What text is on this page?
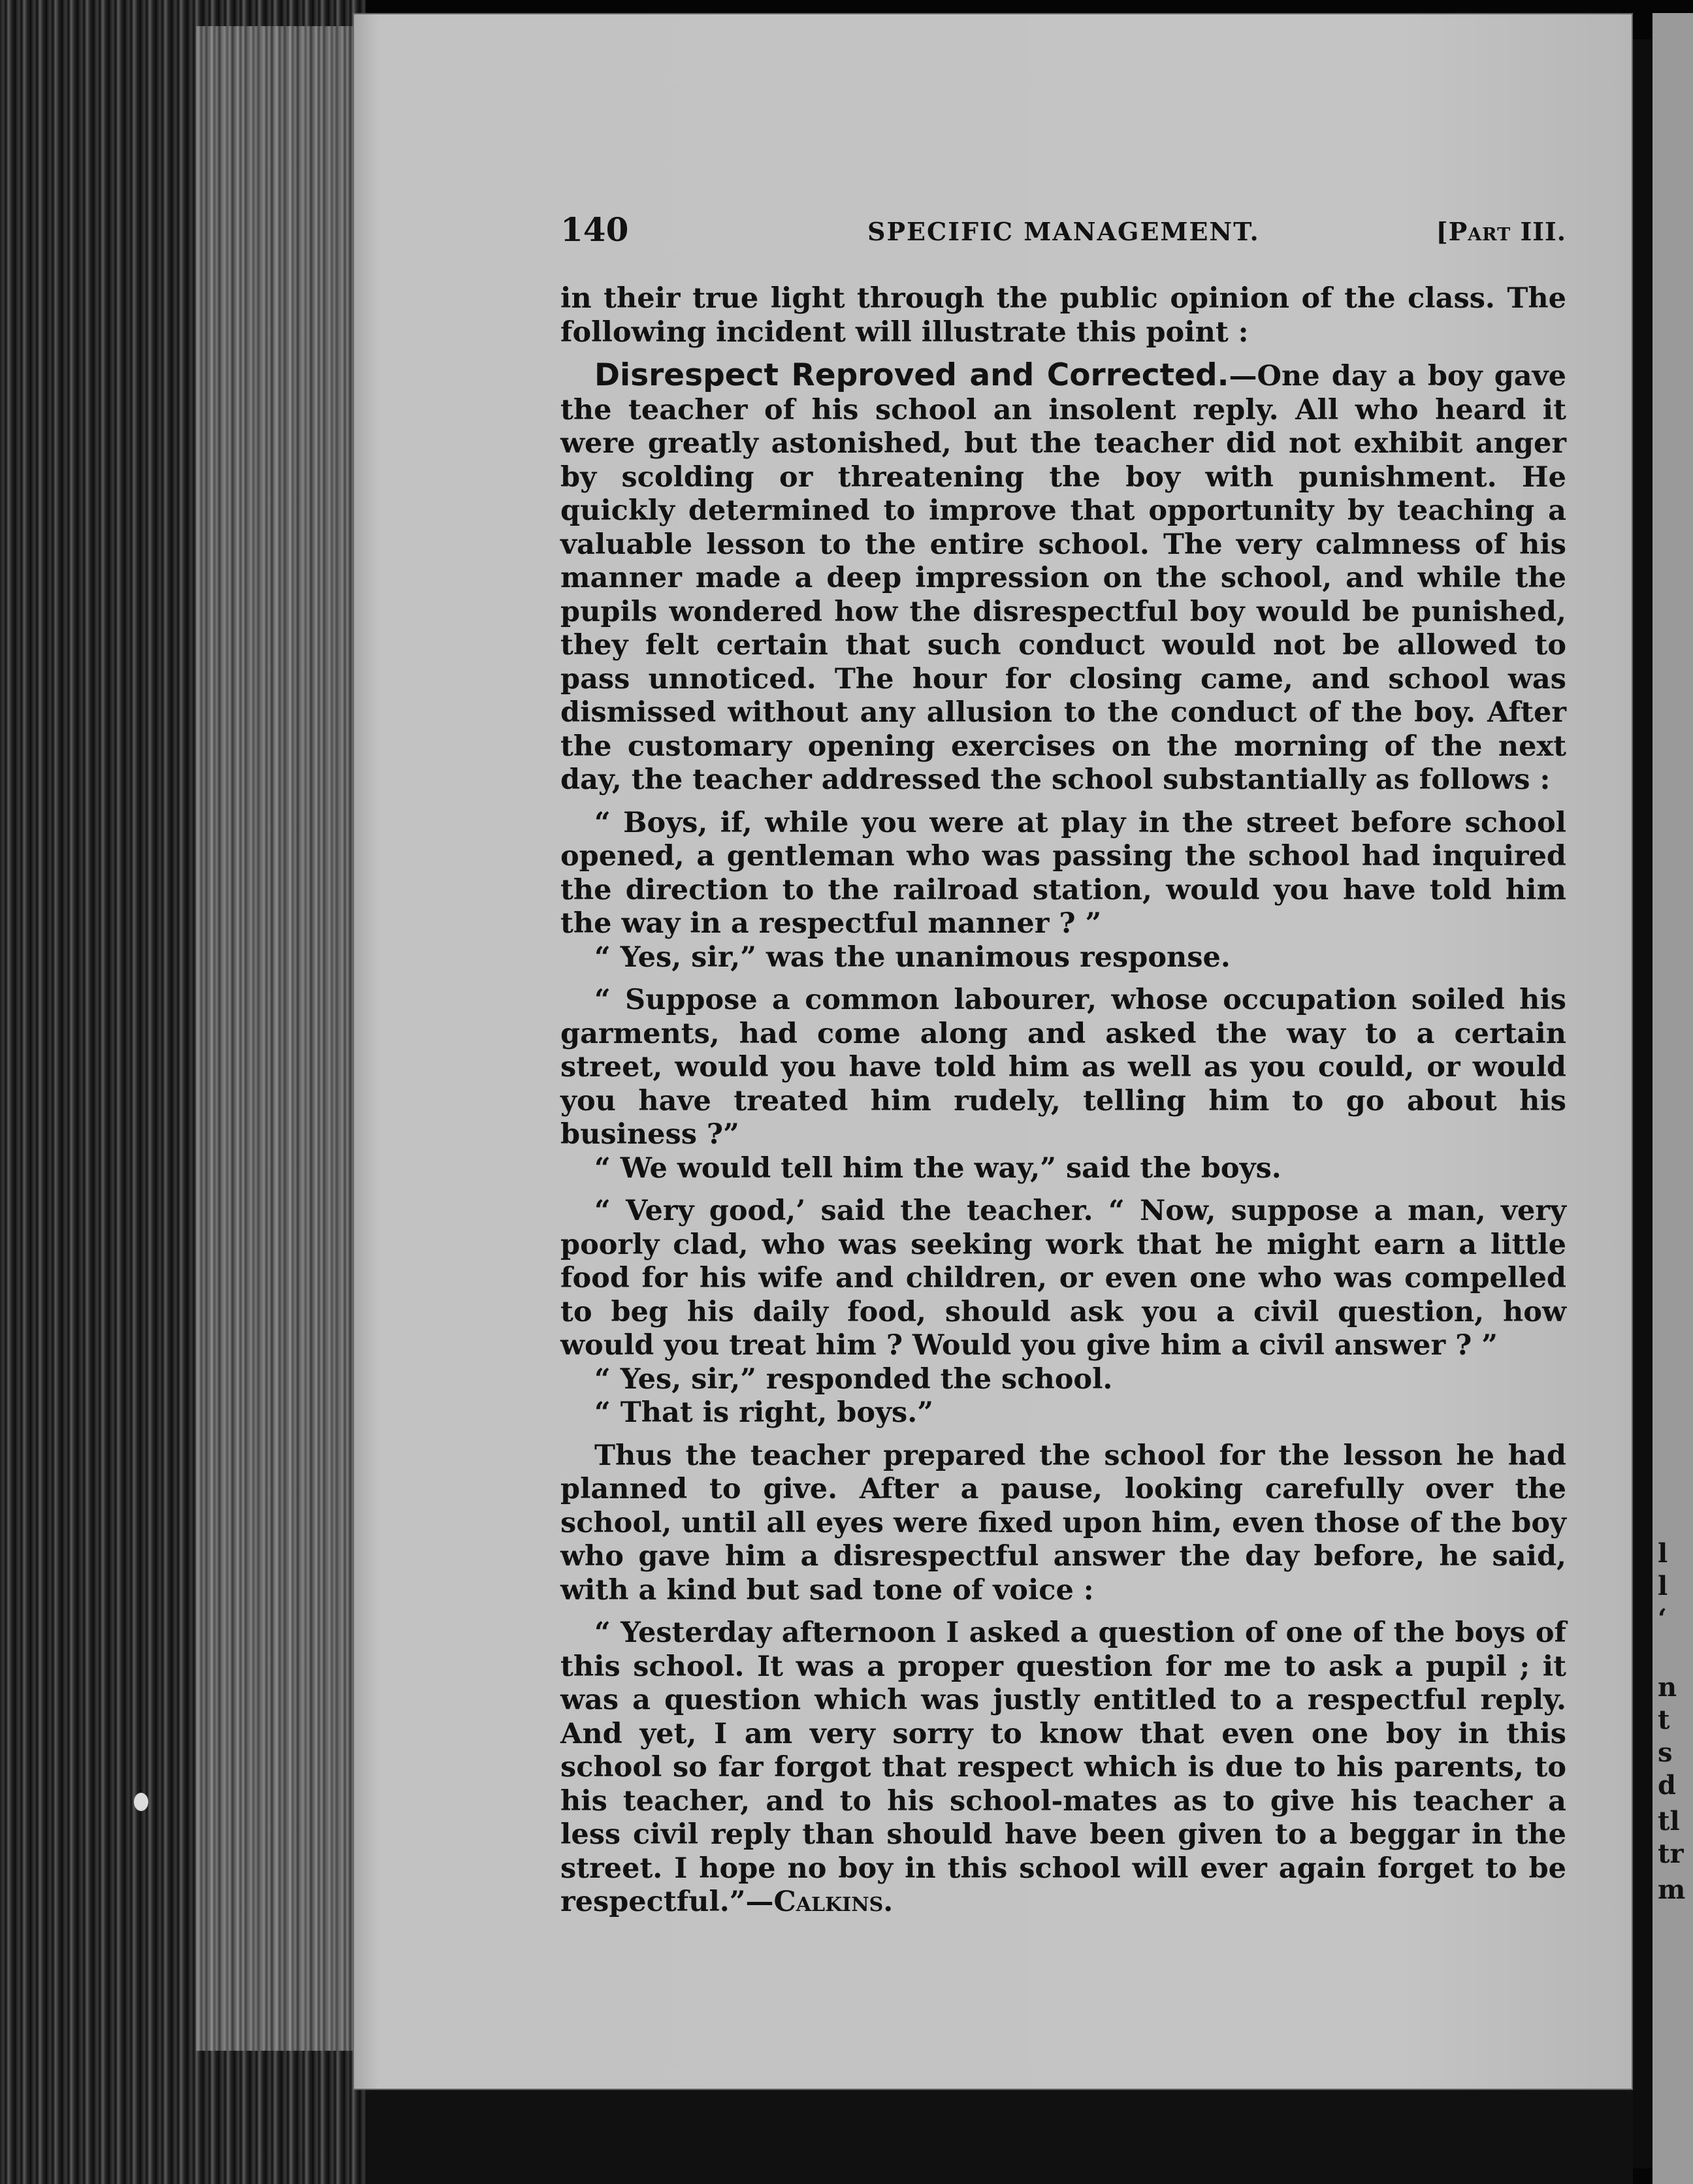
l
l
‘
n
t
s
d
tl
tr
m
140	SPECIFIC MANAGEMENT.	[Part III.

in their true light through the public opinion of the class. The following incident will illustrate this point :

Disrespect Reproved and Corrected.—One day a boy gave the teacher of his school an insolent reply. All who heard it were greatly astonished, but the teacher did not exhibit anger by scolding or threatening the boy with punishment. He quickly determined to improve that opportunity by teaching a valuable lesson to the entire school. The very calmness of his manner made a deep impression on the school, and while the pupils wondered how the disrespectful boy would be punished, they felt certain that such conduct would not be allowed to pass unnoticed. The hour for closing came, and school was dismissed without any allusion to the conduct of the boy. After the customary opening exercises on the morning of the next day, the teacher addressed the school substantially as follows :

“ Boys, if, while you were at play in the street before school opened, a gentleman who was passing the school had inquired the direction to the railroad station, would you have told him the way in a respectful manner ? ”

“ Yes, sir,” was the unanimous response.

“ Suppose a common labourer, whose occupation soiled his garments, had come along and asked the way to a certain street, would you have told him as well as you could, or would you have treated him rudely, telling him to go about his business ?”

“ We would tell him the way,” said the boys.

“ Very good,’ said the teacher. “ Now, suppose a man, very poorly clad, who was seeking work that he might earn a little food for his wife and children, or even one who was compelled to beg his daily food, should ask you a civil question, how would you treat him ? Would you give him a civil answer ? ”

“ Yes, sir,” responded the school.

“ That is right, boys.”

Thus the teacher prepared the school for the lesson he had planned to give. After a pause, looking carefully over the school, until all eyes were fixed upon him, even those of the boy who gave him a disrespectful answer the day before, he said, with a kind but sad tone of voice :

“ Yesterday afternoon I asked a question of one of the boys of this school. It was a proper question for me to ask a pupil ; it was a question which was justly entitled to a respectful reply. And yet, I am very sorry to know that even one boy in this school so far forgot that respect which is due to his parents, to his teacher, and to his school-mates as to give his teacher a less civil reply than should have been given to a beggar in the street. I hope no boy in this school will ever again forget to be respectful.”—Calkins.
